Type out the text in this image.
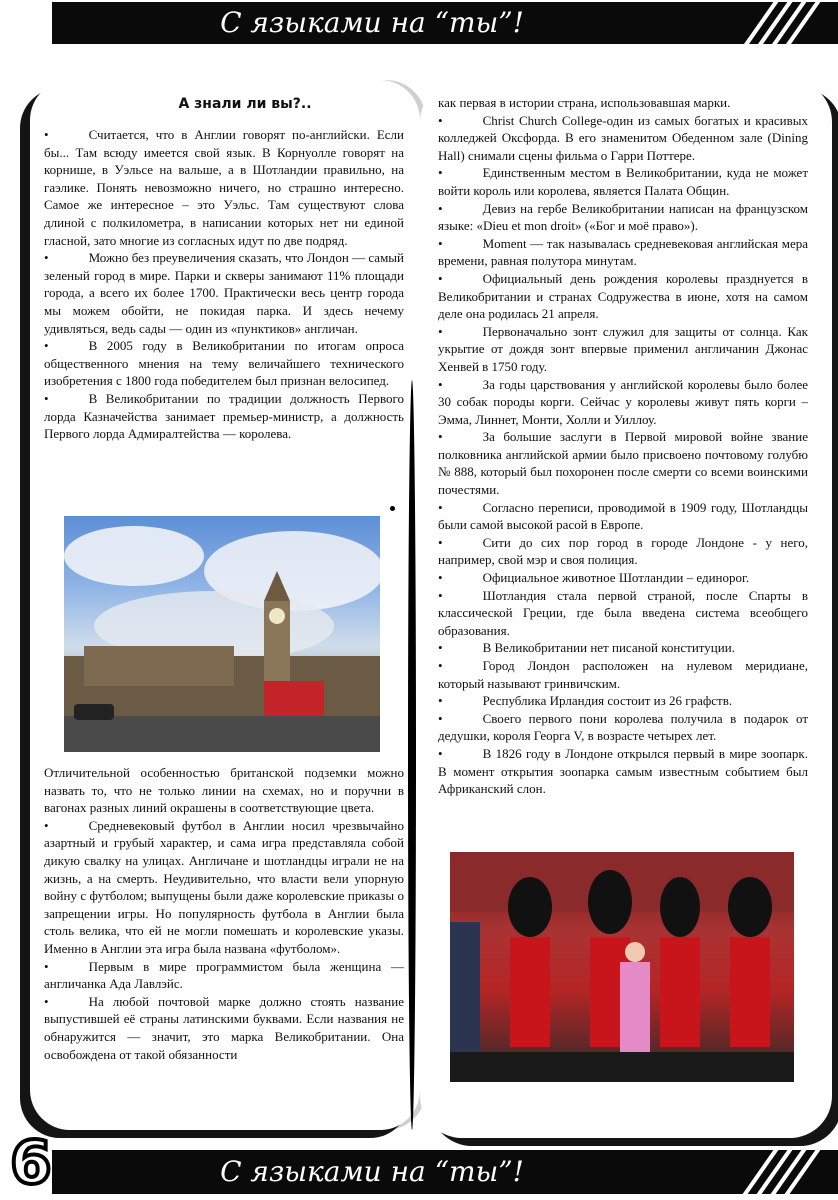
С языками на “ты”!
А знали ли вы?..

•	Считается, что в Англии говорят по-английски. Если бы... Там всюду имеется свой язык. В Корнуолле говорят на корнише, в Уэльсе на вальше, а в Шотландии правильно, на гаэлике. Понять невозможно ничего, но страшно интересно. Самое же интересное – это Уэльс. Там существуют слова длиной с полкилометра, в написании которых нет ни единой гласной, зато многие из согласных идут по две подряд.

•	Можно без преувеличения сказать, что Лондон — самый зеленый город в мире. Парки и скверы занимают 11% площади города, а всего их более 1700. Практически весь центр города мы можем обойти, не покидая парка. И здесь нечему удивляться, ведь сады — один из «пунктиков» англичан.

•	В 2005 году в Великобритании по итогам опроса общественного мнения на тему величайшего технического изобретения с 1800 года победителем был признан велосипед.

•	В Великобритании по традиции должность Первого лорда Казначейства занимает премьер-министр, а должность Первого лорда Адмиралтейства — королева.

Отличительной особенностью британской подземки можно назвать то, что не только линии на схемах, но и поручни в вагонах разных линий окрашены в соответствующие цвета.

•	Средневековый футбол в Англии носил чрезвычайно азартный и грубый характер, и сама игра представляла собой дикую свалку на улицах. Англичане и шотландцы играли не на жизнь, а на смерть. Неудивительно, что власти вели упорную войну с футболом; выпущены были даже королевские приказы о запрещении игры. Но популярность футбола в Англии была столь велика, что ей не могли помешать и королевские указы. Именно в Англии эта игра была названа «футболом».

•	Первым в мире программистом была женщина — англичанка Ада Лавлэйс.

•	На любой почтовой марке должно стоять название выпустившей её страны латинскими буквами. Если названия не обнаружится — значит, это марка Великобритании. Она освобождена от такой обязанности

как первая в истории страна, использовавшая марки.

•	Christ Church College-один из самых богатых и красивых колледжей Оксфорда. В его знаменитом Обеденном зале (Dining Hall) снимали сцены фильма о Гарри Поттере.

•	Единственным местом в Великобритании, куда не может войти король или королева, является Палата Общин.

•	Девиз на гербе Великобритании написан на французском языке: «Dieu et mon droit» («Бог и моё право»).

•	Moment — так называлась средневековая английская мера времени, равная полутора минутам.

•	Официальный день рождения королевы празднуется в Великобритании и странах Содружества в июне, хотя на самом деле она родилась 21 апреля.

•	Первоначально зонт служил для защиты от солнца. Как укрытие от дождя зонт впервые применил англичанин Джонас Хенвей в 1750 году.

•	За годы царствования у английской королевы было более 30 собак породы корги. Сейчас у королевы живут пять корги – Эмма, Линнет, Монти, Холли и Уиллоу.

•	За большие заслуги в Первой мировой войне звание полковника английской армии было присвоено почтовому голубю № 888, который был похоронен после смерти со всеми воинскими почестями.

•	Согласно переписи, проводимой в 1909 году, Шотландцы были самой высокой расой в Европе.

•	Сити до сих пор город в городе Лондоне - у него, например, свой мэр и своя полиция.

•	Официальное животное Шотландии – единорог.

•	Шотландия стала первой страной, после Спарты в классической Греции, где была введена система всеобщего образования.

•	В Великобритании нет писаной конституции.

•	Город Лондон расположен на нулевом меридиане, который называют гринвичским.

•	Республика Ирландия состоит из 26 графств.

•	Своего первого пони королева получила в подарок от дедушки, короля Георга V, в возрасте четырех лет.

•	В 1826 году в Лондоне открылся первый в мире зоопарк. В момент открытия зоопарка самым известным событием был Африканский слон.

С языками на “ты”!
6
